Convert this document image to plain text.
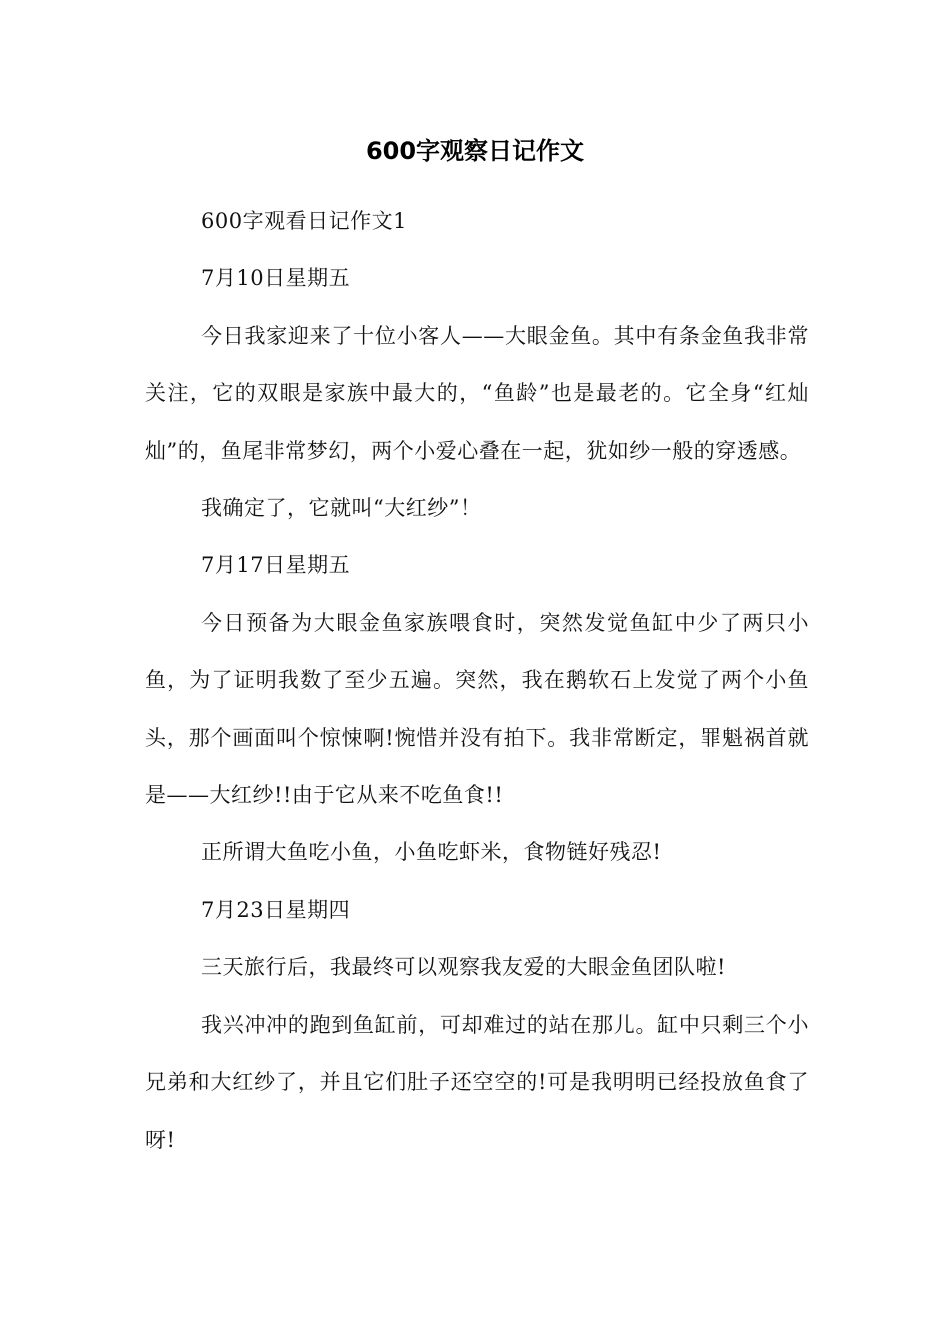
600字观察日记作文

600字观看日记作文1

7月10日星期五

今日我家迎来了十位小客人——大眼金鱼。其中有条金鱼我非常关注，它的双眼是家族中最大的，“鱼龄”也是最老的。它全身“红灿灿”的，鱼尾非常梦幻，两个小爱心叠在一起，犹如纱一般的穿透感。

我确定了，它就叫“大红纱”！

7月17日星期五

今日预备为大眼金鱼家族喂食时，突然发觉鱼缸中少了两只小鱼，为了证明我数了至少五遍。突然，我在鹅软石上发觉了两个小鱼头，那个画面叫个惊悚啊!惋惜并没有拍下。我非常断定，罪魁祸首就是——大红纱!!由于它从来不吃鱼食!!

正所谓大鱼吃小鱼，小鱼吃虾米，食物链好残忍!

7月23日星期四

三天旅行后，我最终可以观察我友爱的大眼金鱼团队啦!

我兴冲冲的跑到鱼缸前，可却难过的站在那儿。缸中只剩三个小兄弟和大红纱了，并且它们肚子还空空的!可是我明明已经投放鱼食了呀!
